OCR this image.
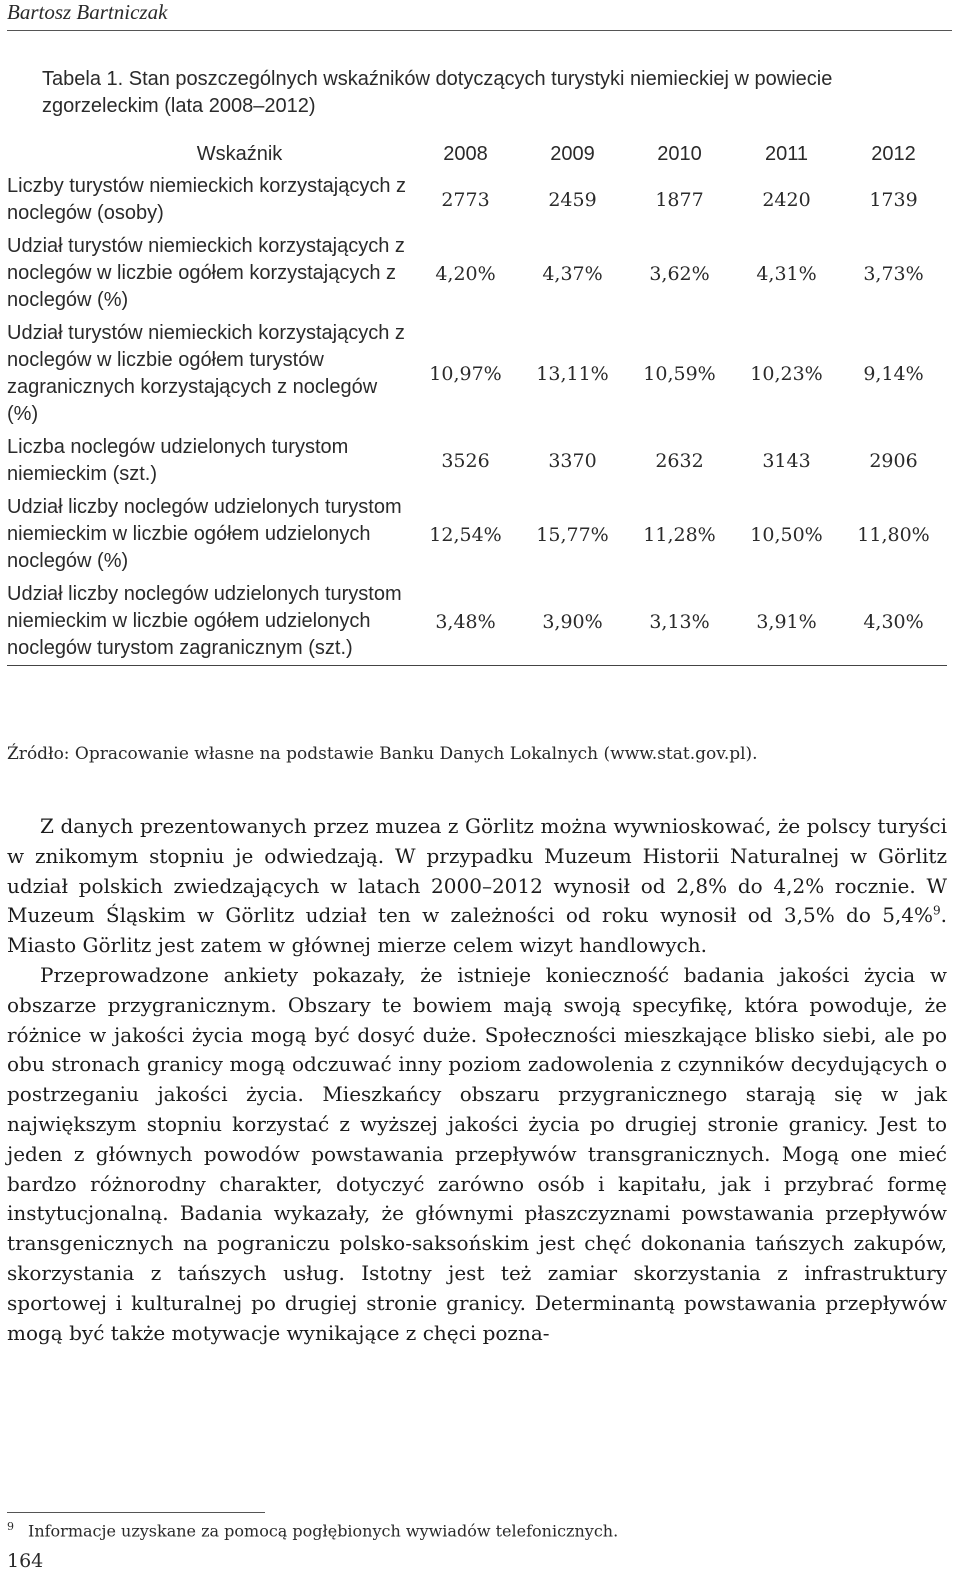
Bartosz Bartniczak
Tabela 1. Stan poszczególnych wskaźników dotyczących turystyki niemieckiej w powiecie zgorzeleckim (lata 2008–2012)
Wskaźnik	2008	2009	2010	2011	2012
Liczby turystów niemieckich korzystających z noclegów (osoby)	2773	2459	1877	2420	1739
Udział turystów niemieckich korzystających z noclegów w liczbie ogółem korzystających z noclegów (%)	4,20%	4,37%	3,62%	4,31%	3,73%
Udział turystów niemieckich korzystających z noclegów w liczbie ogółem turystów zagranicznych korzystających z noclegów (%)	10,97%	13,11%	10,59%	10,23%	9,14%
Liczba noclegów udzielonych turystom niemieckim (szt.)	3526	3370	2632	3143	2906
Udział liczby noclegów udzielonych turystom niemieckim w liczbie ogółem udzielonych noclegów (%)	12,54%	15,77%	11,28%	10,50%	11,80%
Udział liczby noclegów udzielonych turystom niemieckim w liczbie ogółem udzielonych noclegów turystom zagranicznym (szt.)	3,48%	3,90%	3,13%	3,91%	4,30%
Źródło: Opracowanie własne na podstawie Banku Danych Lokalnych (www.stat.gov.pl).

Z danych prezentowanych przez muzea z Görlitz można wywnioskować, że polscy turyści w znikomym stopniu je odwiedzają. W przypadku Muzeum Historii Naturalnej w Görlitz udział polskich zwiedzających w latach 2000–2012 wynosił od 2,8% do 4,2% rocznie. W Muzeum Śląskim w Görlitz udział ten w zależności od roku wynosił od 3,5% do 5,4%$^9$. Miasto Görlitz jest zatem w głównej mierze celem wizyt handlowych.

Przeprowadzone ankiety pokazały, że istnieje konieczność badania jakości życia w obszarze przygranicznym. Obszary te bowiem mają swoją specyfikę, która powoduje, że różnice w jakości życia mogą być dosyć duże. Społeczności mieszkające blisko siebi, ale po obu stronach granicy mogą odczuwać inny poziom zadowolenia z czynników decydujących o postrzeganiu jakości życia. Mieszkańcy obszaru przygranicznego starają się w jak największym stopniu korzystać z wyższej jakości życia po drugiej stronie granicy. Jest to jeden z głównych powodów powstawania przepływów transgranicznych. Mogą one mieć bardzo różnorodny charakter, dotyczyć zarówno osób i kapitału, jak i przybrać formę instytucjonalną. Badania wykazały, że głównymi płaszczyznami powstawania przepływów transgenicznych na pograniczu polsko-saksońskim jest chęć dokonania tańszych zakupów, skorzystania z tańszych usług. Istotny jest też zamiar skorzystania z infrastruktury sportowej i kulturalnej po drugiej stronie granicy. Determinantą powstawania przepływów mogą być także motywacje wynikające z chęci pozna-

$^9$ Informacje uzyskane za pomocą pogłębionych wywiadów telefonicznych.
164
